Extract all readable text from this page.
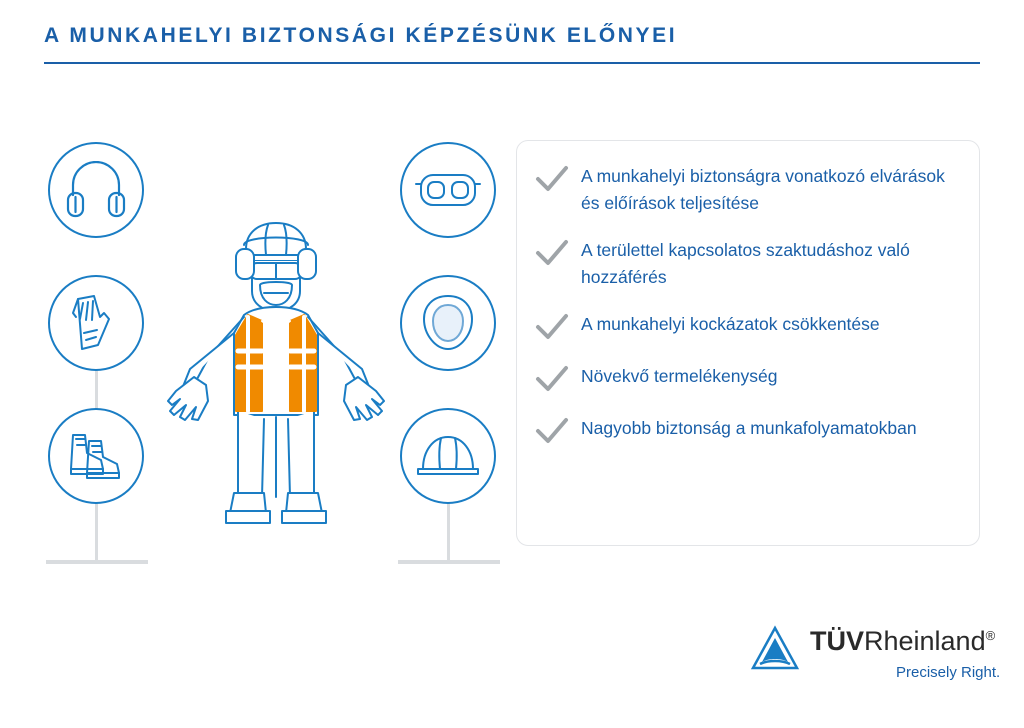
A MUNKAHELYI BIZTONSÁGI KÉPZÉSÜNK ELŐNYEI
A munkahelyi biztonságra vonatkozó elvárások és előírások teljesítése
A területtel kapcsolatos szaktudáshoz való hozzáférés
A munkahelyi kockázatok csökkentése
Növekvő termelékenység
Nagyobb biztonság a munkafolyamatokban
TÜVRheinland®
Precisely Right.
